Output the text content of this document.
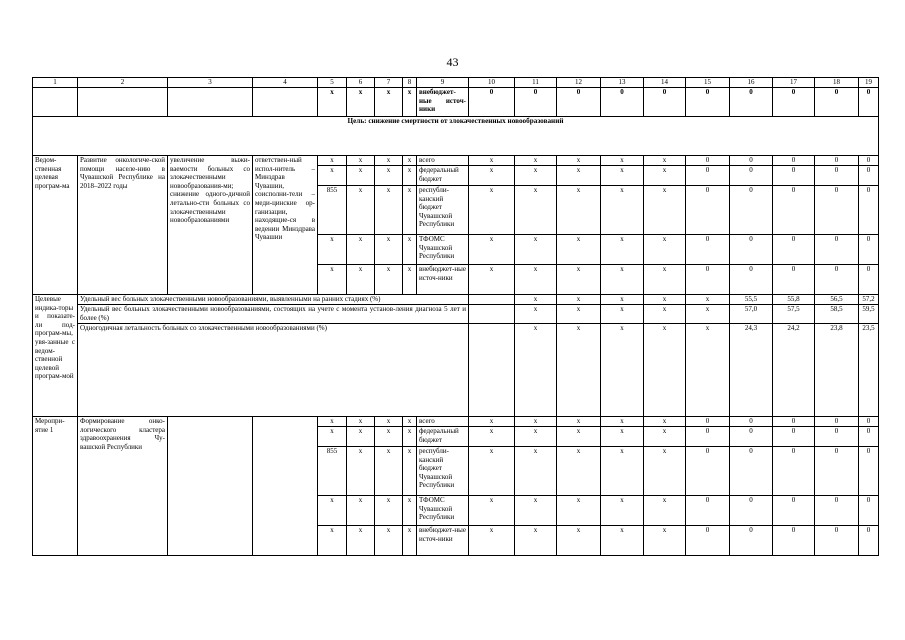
43
1	2	3	4	5	6	7	8	9	10	11	12	13	14	15	16	17	18	19	
				x	x	x	x	внебюджет-ные источ-ники	0	0	0	0	0	0	0	0	0	0	
Цель: снижение смертности от злокачественных новообразований																			
Ведом-ственная целевая програм-ма	Развитие онкологиче-ской помощи населе-нию в Чувашской Республике на 2018–2022 годы	увеличение выжи-ваемости больных со злокачественными новообразования-ми; снижение одного-дичной летально-сти больных со злокачественными новообразованиями	ответствен-ный испол-нитель – Минздрав Чувашии, соисполни-тели – меди-цинские ор-ганизации, находящие-ся в ведении Минздрава Чувашии	x	x	x	x	всего	x	x	x	x	x	0	0	0	0	0	
				x	x	x	x	федеральный бюджет	x	x	x	x	x	0	0	0	0	0	
				855	x	x	x	республи-канский бюджет Чувашской Республики	x	x	x	x	x	0	0	0	0	0	
				x	x	x	x	ТФОМС Чувашской Республики	x	x	x	x	x	0	0	0	0	0	
				x	x	x	x	внебюджет-ные источ-ники	x	x	x	x	x	0	0	0	0	0	
Целевые индика-торы и показате-ли под-програм-мы, увя-занные с ведом-ственной целевой програм-мой	Удельный вес больных злокачественными новообразованиями, выявленными на ранних стадиях (%)									x	x	x	x	x	55,5	55,8	56,5	57,2	
	Удельный вес больных злокачественными новообразованиями, состоящих на учете с момента установ-ления диагноза 5 лет и более (%)									x	x	x	x	x	57,0	57,5	58,5	59,5	
	Одногодичная летальность больных со злокачественными новообразованиями (%)									x	x	x	x	x	24,3	24,2	23,8	23,5	
Меропри-ятие 1	Формирование онко-логического кластера здравоохранения Чу-вашской Республики			x	x	x	x	всего	x	x	x	x	x	0	0	0	0	0	
				x	x	x	x	федеральный бюджет	x	x	x	x	x	0	0	0	0	0	
				855	x	x	x	республи-канский бюджет Чувашской Республики	x	x	x	x	x	0	0	0	0	0	
				x	x	x	x	ТФОМС Чувашской Республики	x	x	x	x	x	0	0	0	0	0	
				x	x	x	x	внебюджет-ные источ-ники	x	x	x	x	x	0	0	0	0	0	
